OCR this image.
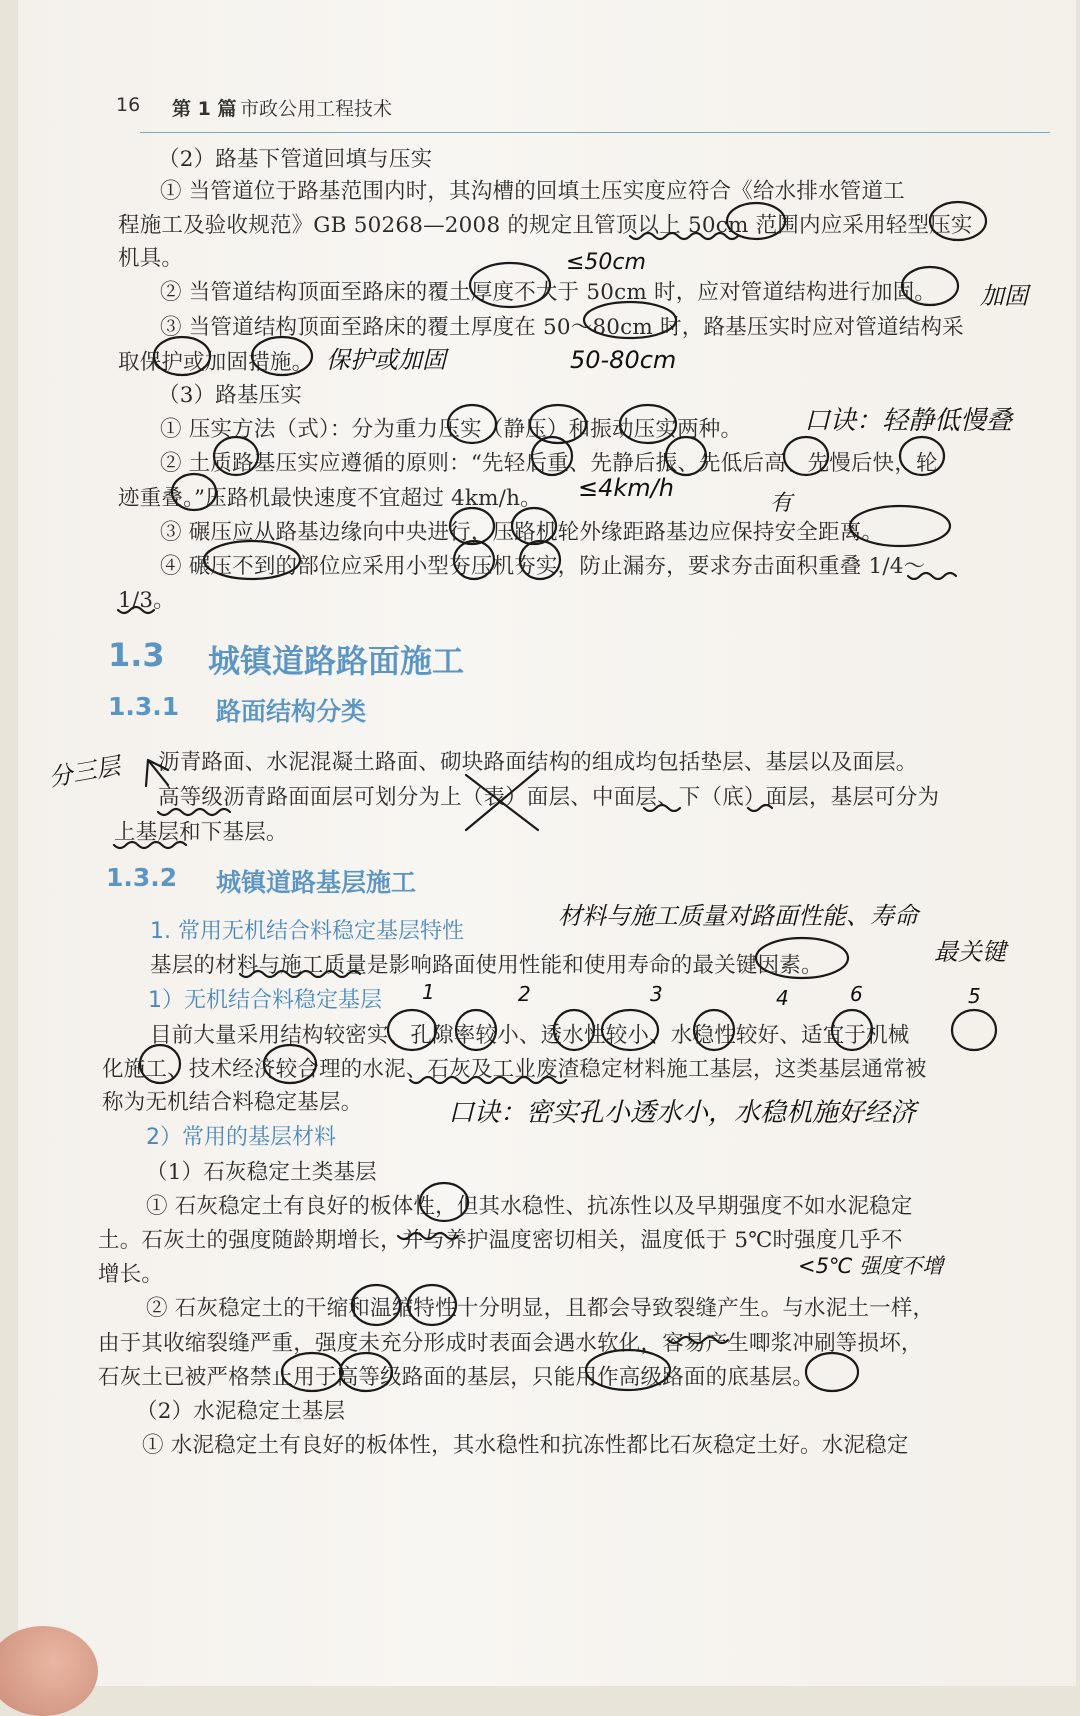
16 第 1 篇 市政公用工程技术
（2）路基下管道回填与压实
① 当管道位于路基范围内时，其沟槽的回填土压实度应符合《给水排水管道工
程施工及验收规范》GB 50268—2008 的规定且管顶以上 50cm 范围内应采用轻型压实
机具。
② 当管道结构顶面至路床的覆土厚度不大于 50cm 时，应对管道结构进行加固。
③ 当管道结构顶面至路床的覆土厚度在 50～80cm 时，路基压实时应对管道结构采
取保护或加固措施。
（3）路基压实
① 压实方法（式）：分为重力压实（静压）和振动压实两种。
② 土质路基压实应遵循的原则：“先轻后重、先静后振、先低后高、先慢后快，轮
迹重叠。”压路机最快速度不宜超过 4km/h。
③ 碾压应从路基边缘向中央进行，压路机轮外缘距路基边应保持安全距离。
④ 碾压不到的部位应采用小型夯压机夯实，防止漏夯，要求夯击面积重叠 1/4～
1/3。
1.3 城镇道路路面施工
1.3.1 路面结构分类
沥青路面、水泥混凝土路面、砌块路面结构的组成均包括垫层、基层以及面层。
高等级沥青路面面层可划分为上（表）面层、中面层、下（底）面层，基层可分为
上基层和下基层。
1.3.2 城镇道路基层施工
1. 常用无机结合料稳定基层特性
基层的材料与施工质量是影响路面使用性能和使用寿命的最关键因素。
1）无机结合料稳定基层
目前大量采用结构较密实、孔隙率较小、透水性较小、水稳性较好、适宜于机械
化施工、技术经济较合理的水泥、石灰及工业废渣稳定材料施工基层，这类基层通常被
称为无机结合料稳定基层。
2）常用的基层材料
（1）石灰稳定土类基层
① 石灰稳定土有良好的板体性，但其水稳性、抗冻性以及早期强度不如水泥稳定
土。石灰土的强度随龄期增长，并与养护温度密切相关，温度低于 5℃时强度几乎不
增长。
② 石灰稳定土的干缩和温缩特性十分明显，且都会导致裂缝产生。与水泥土一样，
由于其收缩裂缝严重，强度未充分形成时表面会遇水软化，容易产生唧浆冲刷等损坏，
石灰土已被严格禁止用于高等级路面的基层，只能用作高级路面的底基层。
（2）水泥稳定土基层
① 水泥稳定土有良好的板体性，其水稳性和抗冻性都比石灰稳定土好。水泥稳定
≤50cm
加固
保护或加固	50-80cm
口诀：轻静低慢叠
≤4km/h
有
分三层
材料与施工质量对路面性能、寿命
最关键
口诀：密实孔小透水小，水稳机施好经济
<5℃ 强度不增
1	2	3	4	6	5
